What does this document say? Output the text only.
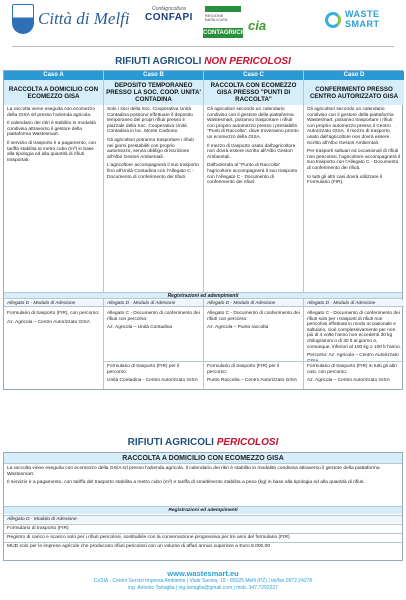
Città di Melfi	Confagricoltura
CONFAPI	REGIONE BASILICATA
CONTAGRI/CIDA
cia
WASTE SMART
RIFIUTI AGRICOLI NON PERICOLOSI
Caso A
RACCOLTA A DOMICILIO CON ECOMEZZO GISA

La raccolta viene eseguita con ecomezzo della GISA srl presso l'azienda agricola.

Il calendario dei ritiri è stabilito in modalità condivisa attraverso il gestore della piattaforma Wastesmart.

Il servizio di trasporto è a pagamento, con tariffa stabilita al metro cubo (m³) in base alla tipologia ed alla quantità di rifiuti trasportati.

Allegato D - Modulo di Adesione

Formulario di trasporto (FIR), con percorso:

Az. Agricola – Centro Autorizzato GISA

Caso B
DEPOSITO TEMPORANEO PRESSO LA SOC. COOP. UNITA' CONTADINA

Solo i soci della Soc. Cooperativa Unità Contadina possono effettuare il deposito temporaneo dei propri rifiuti presso il piazzale della Soc. Cooperativa Unità Contadina in loc. Monte Carbone.

Gli agricoltori potranno trasportare i rifiuti nei giorni prestabiliti con proprio automezzo, senza obbligo di iscrizione all'Albo Gestori Ambientali.

L'agricoltore accompagnerà il suo trasporto fino all'Unità Contadina con l'Allegato C - Documento di conferimento dei rifiuti.

Allegato D - Modulo di Adesione

Allegato C - Documento di conferimento dei rifiuti con percorso:

Az. Agricola – Unità Contadina

Formulario di trasporto (FIR) per il percorso:

Unità Contadina - Centro Autorizzato GISA

Caso C
RACCOLTA CON ECOMEZZO GISA PRESSO "PUNTI DI RACCOLTA"

Gli agricoltori secondo un calendario condiviso con il gestore della piattaforma Wastesmart, potranno trasportare i rifiuti con proprio automezzo presso i prestabiliti "Punti di Raccolta", dove troveranno pronto un ecomezzo della GISA.

Il mezzo di trasporto usato dall'agricoltore non dovrà essere iscritto all'Albo Gestori Ambientali.

Dall'azienda al "Punto di Raccolta" l'agricoltore accompagnerà il suo trasporto con l'Allegato C - Documento di conferimento dei rifiuti.

Allegato D - Modulo di Adesione

Allegato C - Documento di conferimento dei rifiuti con percorso:

Az. Agricola – Punto raccolta

Formulario di trasporto (FIR) per il percorso:

Punto Raccolta – Centro Autorizzato GISA

Caso D
CONFERIMENTO PRESSO CENTRO AUTORIZZATO GISA

Gli agricoltori secondo un calendario condiviso con il gestore della piattaforma Wastesmart, potranno trasportare i rifiuti con proprio automezzo presso il Centro Autorizzato GISA. Il mezzo di trasporto usato dall'agricoltore non dovrà essere iscritto all'Albo Gestori Ambientali.

Per trasporti saltuari ed occasionali di rifiuti non pericolosi, l'agricoltore accompagnerà il suo trasporto con l'Allegato C - Documento di conferimento dei rifiuti.

In tutti gli altri casi dovrà utilizzare il Formulario (FIR).

Allegato D - Modulo di Adesione

Allegato C - Documento di conferimento dei rifiuti solo per i trasporti di rifiuti non pericolosi effettuati in modo occasionale e saltuario, cioè complessivamente per non più di 4 volte l'anno non eccedenti 30 kg chilogrammi o di 30 lt al giorno e, comunque, inferiori al 100 kg o 100 lt l'anno.

Percorso: Az. Agricola – Centro Autorizzato GISA

Formulario di trasporto (FIR) in tutti gli altri casi, con percorso:

Az. Agricola – Centro Autorizzato GISA

Registrazioni ed adempimenti
RIFIUTI AGRICOLI PERICOLOSI
RACCOLTA A DOMICILIO CON ECOMEZZO GISA

La raccolta viene eseguita con ecomezzo della GISA srl presso l'azienda agricola. Il calendario dei ritiri è stabilito in modalità condivisa attraverso il gestore della piattaforma Wastesmart.

Il servizio è a pagamento, con tariffa del trasporto stabilita a metro cubo (m³) e tariffa di smaltimento stabilita a peso (kg) in base alla tipologia ed alla quantità di rifiuti.

Registrazioni ed adempimenti
Allegato D - Modulo di Adesione
Formulario di trasporto (FIR)
Registro di carico e scarico solo per i rifiuti pericolosi, sostituibile con la conservazione progressiva per tre anni del formulario (FIR)
MUD solo per le imprese agricole che producono rifiuti pericolosi con un volume di affari annuo superiore a Euro 8.000,00
www.wastesmart.eu
CeSIA - Centro Servizi Impresa Ambiente | Viale Savoia, 19 - 85025 Melfi (PZ) | tel/fax 0972.24278
ing. Antonio Tartaglia | ing.tartaglia@gmail.com | mob. 347.7292227
